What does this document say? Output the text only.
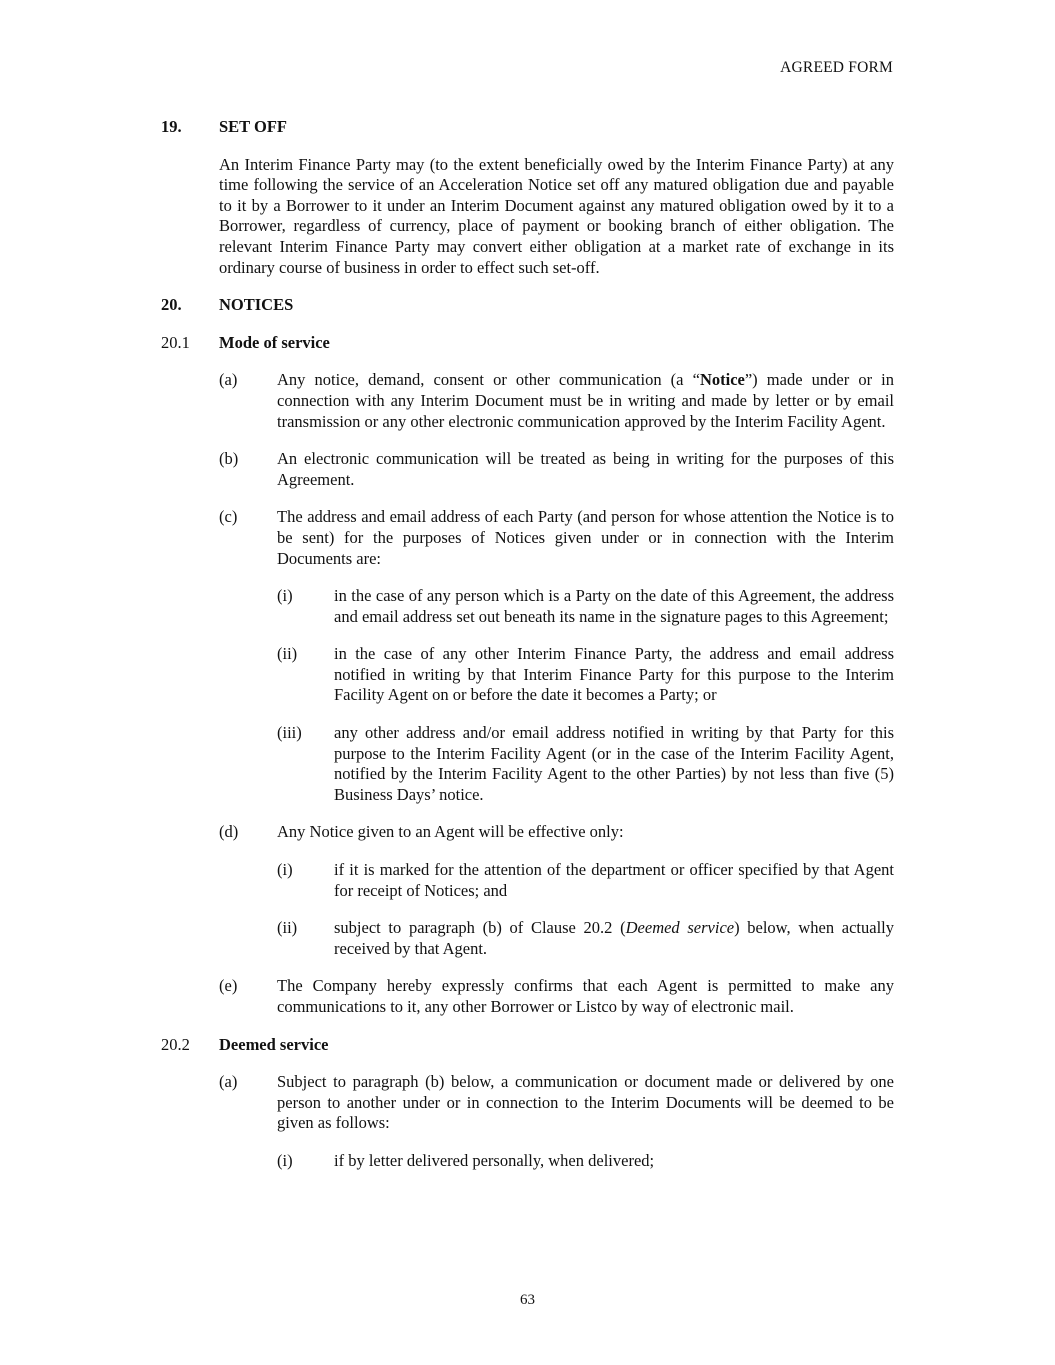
AGREED FORM
19. SET OFF
An Interim Finance Party may (to the extent beneficially owed by the Interim Finance Party) at any time following the service of an Acceleration Notice set off any matured obligation due and payable to it by a Borrower to it under an Interim Document against any matured obligation owed by it to a Borrower, regardless of currency, place of payment or booking branch of either obligation. The relevant Interim Finance Party may convert either obligation at a market rate of exchange in its ordinary course of business in order to effect such set-off.
20. NOTICES
20.1 Mode of service
(a) Any notice, demand, consent or other communication (a “Notice”) made under or in connection with any Interim Document must be in writing and made by letter or by email transmission or any other electronic communication approved by the Interim Facility Agent.
(b) An electronic communication will be treated as being in writing for the purposes of this Agreement.
(c) The address and email address of each Party (and person for whose attention the Notice is to be sent) for the purposes of Notices given under or in connection with the Interim Documents are:
(i)	in the case of any person which is a Party on the date of this Agreement, the address and email address set out beneath its name in the signature pages to this Agreement;
(ii) in the case of any other Interim Finance Party, the address and email address notified in writing by that Interim Finance Party for this purpose to the Interim Facility Agent on or before the date it becomes a Party; or
(iii) any other address and/or email address notified in writing by that Party for this purpose to the Interim Facility Agent (or in the case of the Interim Facility Agent, notified by the Interim Facility Agent to the other Parties) by not less than five (5) Business Days’ notice.
(d) Any Notice given to an Agent will be effective only:
(i)	if it is marked for the attention of the department or officer specified by that Agent for receipt of Notices; and
(ii) subject to paragraph (b) of Clause 20.2 (Deemed service) below, when actually received by that Agent.
(e) The Company hereby expressly confirms that each Agent is permitted to make any communications to it, any other Borrower or Listco by way of electronic mail.
20.2 Deemed service
(a) Subject to paragraph (b) below, a communication or document made or delivered by one person to another under or in connection to the Interim Documents will be deemed to be given as follows:
(i)	if by letter delivered personally, when delivered;
63
